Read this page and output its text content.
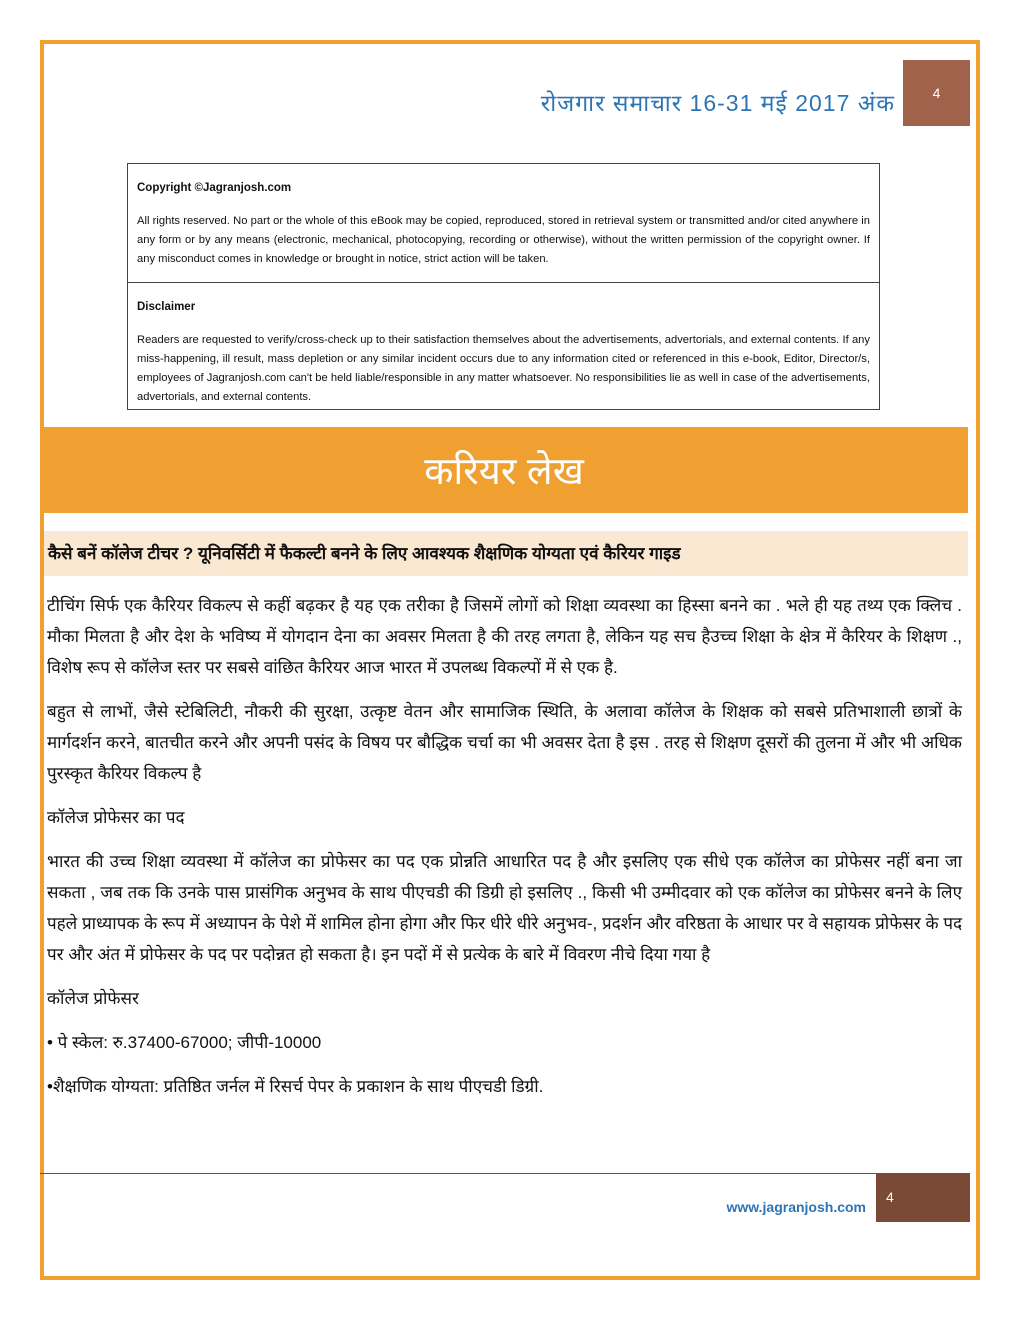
रोजगार समाचार 16-31 मई 2017 अंक	4
Copyright ©Jagranjosh.com

All rights reserved. No part or the whole of this eBook may be copied, reproduced, stored in retrieval system or transmitted and/or cited anywhere in any form or by any means (electronic, mechanical, photocopying, recording or otherwise), without the written permission of the copyright owner. If any misconduct comes in knowledge or brought in notice, strict action will be taken.

Disclaimer

Readers are requested to verify/cross-check up to their satisfaction themselves about the advertisements, advertorials, and external contents. If any miss-happening, ill result, mass depletion or any similar incident occurs due to any information cited or referenced in this e-book, Editor, Director/s, employees of Jagranjosh.com can't be held liable/responsible in any matter whatsoever. No responsibilities lie as well in case of the advertisements, advertorials, and external contents.

करियर लेख
कैसे बनें कॉलेज टीचर ? यूनिवर्सिटी में फैकल्टी बनने के लिए आवश्यक शैक्षणिक योग्यता एवं कैरियर गाइड

टीचिंग सिर्फ एक कैरियर विकल्प से कहीं बढ़कर है यह एक तरीका है जिसमें लोगों को शिक्षा व्यवस्था का हिस्सा बनने का . भले ही यह तथ्य एक क्लिच . मौका मिलता है और देश के भविष्य में योगदान देना का अवसर मिलता है की तरह लगता है, लेकिन यह सच हैउच्च शिक्षा के क्षेत्र में कैरियर के शिक्षण ., विशेष रूप से कॉलेज स्तर पर सबसे वांछित कैरियर आज भारत में उपलब्ध विकल्पों में से एक है.

बहुत से लाभों, जैसे स्टेबिलिटी, नौकरी की सुरक्षा, उत्कृष्ट वेतन और सामाजिक स्थिति, के अलावा कॉलेज के शिक्षक को सबसे प्रतिभाशाली छात्रों के मार्गदर्शन करने, बातचीत करने और अपनी पसंद के विषय पर बौद्धिक चर्चा का भी अवसर देता है इस . तरह से शिक्षण दूसरों की तुलना में और भी अधिक पुरस्कृत कैरियर विकल्प है

कॉलेज प्रोफेसर का पद

भारत की उच्च शिक्षा व्यवस्था में कॉलेज का प्रोफेसर का पद एक प्रोन्नति आधारित पद है और इसलिए एक सीधे एक कॉलेज का प्रोफेसर नहीं बना जा सकता , जब तक कि उनके पास प्रासंगिक अनुभव के साथ पीएचडी की डिग्री हो इसलिए ., किसी भी उम्मीदवार को एक कॉलेज का प्रोफेसर बनने के लिए पहले प्राध्यापक के रूप में अध्यापन के पेशे में शामिल होना होगा और फिर धीरे धीरे अनुभव-, प्रदर्शन और वरिष्ठता के आधार पर वे सहायक प्रोफेसर के पद पर और अंत में प्रोफेसर के पद पर पदोन्नत हो सकता है। इन पदों में से प्रत्येक के बारे में विवरण नीचे दिया गया है

कॉलेज प्रोफेसर

• पे स्केल: रु.37400-67000; जीपी-10000

•शैक्षणिक योग्यता: प्रतिष्ठित जर्नल में रिसर्च पेपर के प्रकाशन के साथ पीएचडी डिग्री.

www.jagranjosh.com
4
